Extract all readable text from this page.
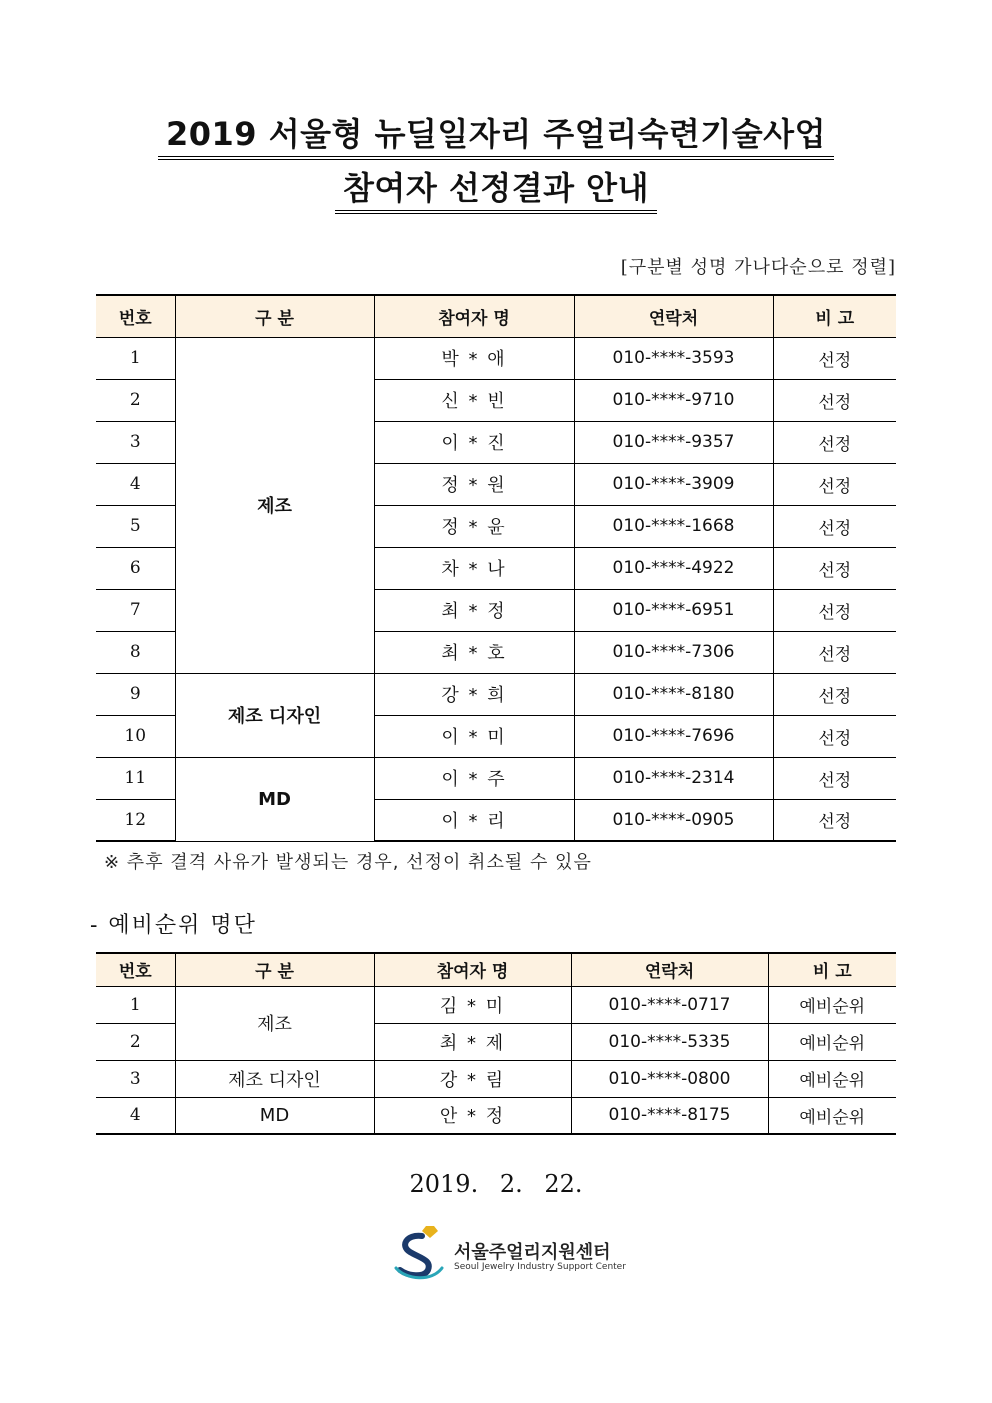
2019 서울형 뉴딜일자리 주얼리숙련기술사업
참여자 선정결과 안내
[구분별 성명 가나다순으로 정렬]
번호	구 분	참여자 명	연락처	비 고
1	제조	박 * 애	010-****-3593	선정
2		신 * 빈	010-****-9710	선정
3		이 * 진	010-****-9357	선정
4		정 * 원	010-****-3909	선정
5		정 * 윤	010-****-1668	선정
6		차 * 나	010-****-4922	선정
7		최 * 정	010-****-6951	선정
8		최 * 호	010-****-7306	선정
9	제조 디자인	강 * 희	010-****-8180	선정
10		이 * 미	010-****-7696	선정
11	MD	이 * 주	010-****-2314	선정
12		이 * 리	010-****-0905	선정
※ 추후 결격 사유가 발생되는 경우, 선정이 취소될 수 있음
- 예비순위 명단
번호	구 분	참여자 명	연락처	비 고
1	제조	김 * 미	010-****-0717	예비순위
2		최 * 제	010-****-5335	예비순위
3	제조 디자인	강 * 림	010-****-0800	예비순위
4	MD	안 * 정	010-****-8175	예비순위
2019. 2. 22.
서울주얼리지원센터
Seoul Jewelry Industry Support Center
